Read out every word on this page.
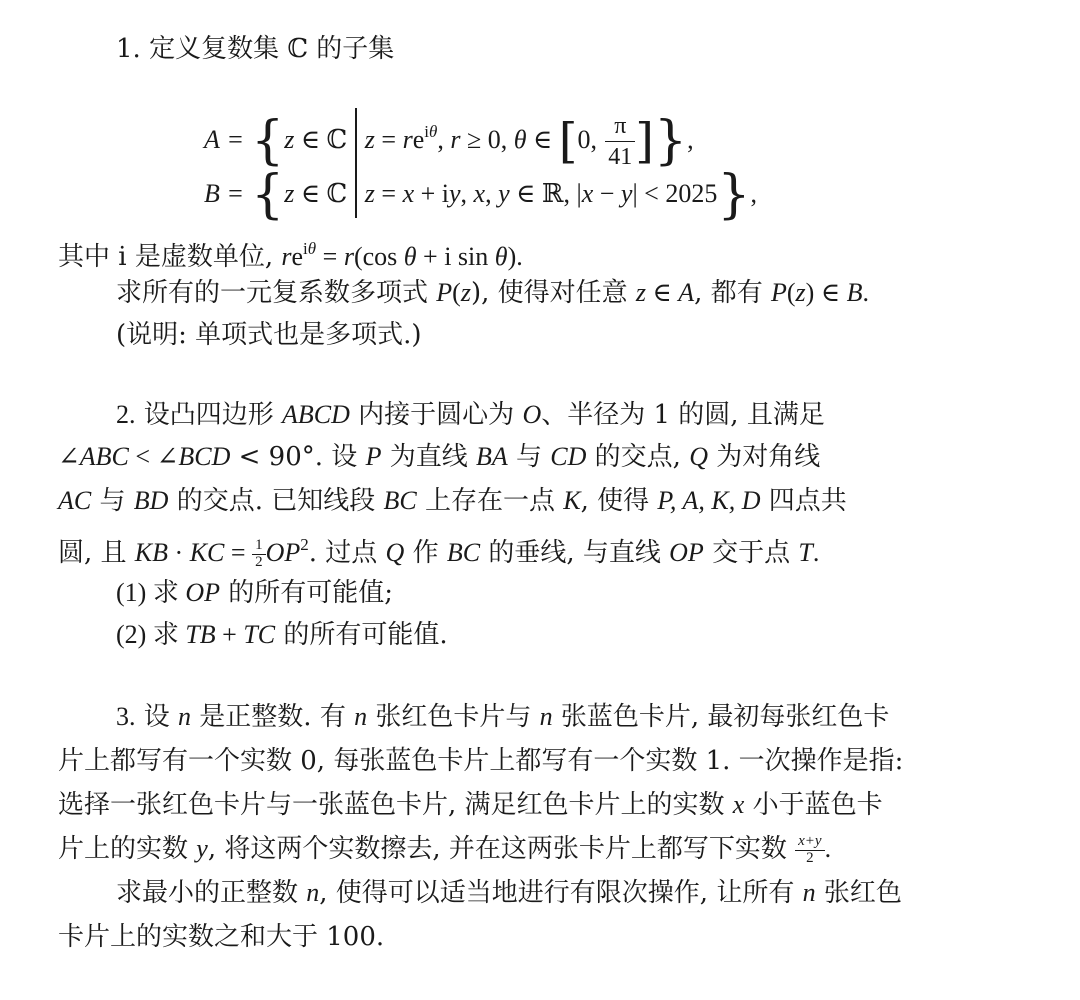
1. 定义复数集 ℂ 的子集
A = {z ∈ ℂ $z = re^{i\theta}$, r ≥ 0, θ ∈ [0, $\frac{\pi}{41}$ ]},
B = {z ∈ ℂ z = x + iy, x, y ∈ ℝ, |x − y| < 2025},
其中 i 是虚数单位, $re^{i\theta} = r(\cos$ θ + i sin θ).
求所有的一元复系数多项式 P(z), 使得对任意 z ∈ A, 都有 P(z) ∈ B.
(说明: 单项式也是多项式.)
2. 设凸四边形 ABCD 内接于圆心为 O、半径为 1 的圆, 且满足
∠ABC < ∠BCD < 90°. 设 P 为直线 BA 与 CD 的交点, Q 为对角线
AC 与 BD 的交点. 已知线段 BC 上存在一点 K, 使得 P, A, K, D 四点共
圆, 且 KB · KC = $\frac{1}{2} OP^2$. 过点 Q 作 BC 的垂线, 与直线 OP 交于点 T.
(1) 求 OP 的所有可能值;
(2) 求 TB + TC 的所有可能值.
3. 设 n 是正整数. 有 n 张红色卡片与 n 张蓝色卡片, 最初每张红色卡
片上都写有一个实数 0, 每张蓝色卡片上都写有一个实数 1. 一次操作是指:
选择一张红色卡片与一张蓝色卡片, 满足红色卡片上的实数 x 小于蓝色卡
片上的实数 y, 将这两个实数擦去, 并在这两张卡片上都写下实数 $\frac{x+y}{2}$ .
求最小的正整数 n, 使得可以适当地进行有限次操作, 让所有 n 张红色
卡片上的实数之和大于 100.
